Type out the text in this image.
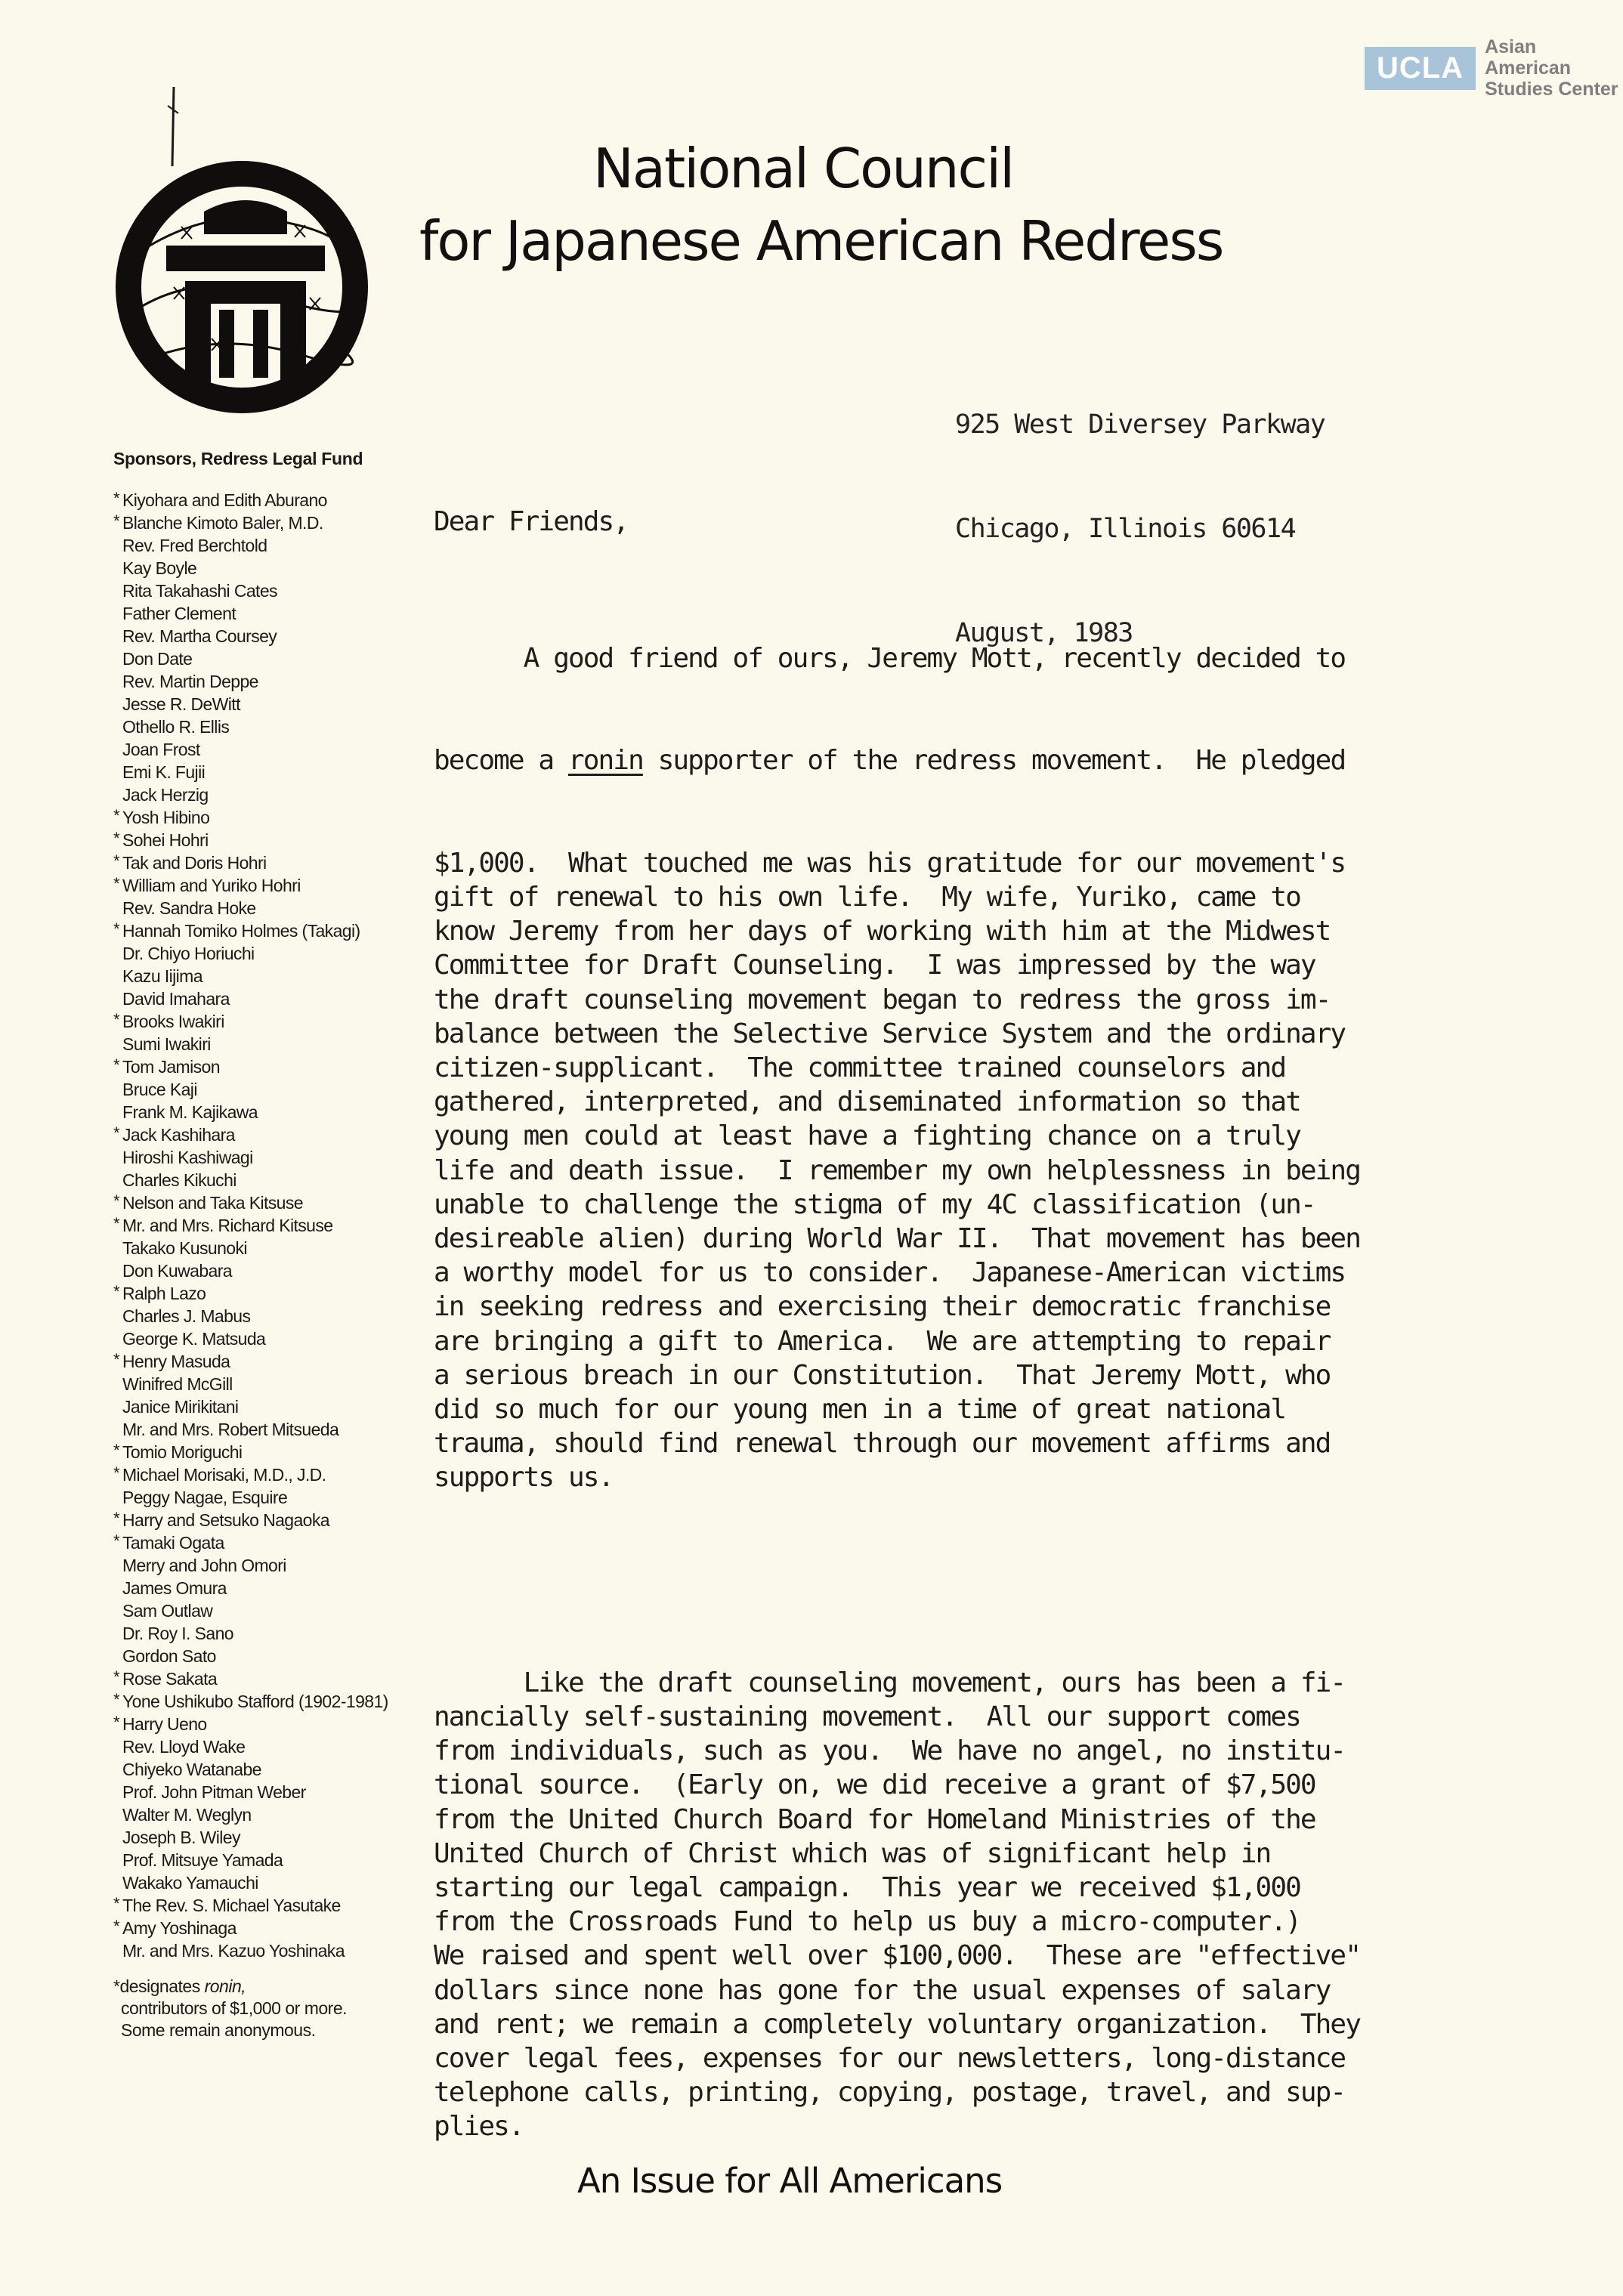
UCLA
Asian American
Studies Center
National Council
for Japanese American Redress

925 West Diversey Parkway

Chicago, Illinois 60614

August, 1983

Sponsors, Redress Legal Fund
* Kiyohara and Edith Aburano
* Blanche Kimoto Baler, M.D.
Rev. Fred Berchtold
Kay Boyle
Rita Takahashi Cates
Father Clement
Rev. Martha Coursey
Don Date
Rev. Martin Deppe
Jesse R. DeWitt
Othello R. Ellis
Joan Frost
Emi K. Fujii
Jack Herzig
* Yosh Hibino
* Sohei Hohri
* Tak and Doris Hohri
* William and Yuriko Hohri
Rev. Sandra Hoke
* Hannah Tomiko Holmes (Takagi)
Dr. Chiyo Horiuchi
Kazu Iijima
David Imahara
* Brooks Iwakiri
Sumi Iwakiri
* Tom Jamison
Bruce Kaji
Frank M. Kajikawa
* Jack Kashihara
Hiroshi Kashiwagi
Charles Kikuchi
* Nelson and Taka Kitsuse
* Mr. and Mrs. Richard Kitsuse
Takako Kusunoki
Don Kuwabara
* Ralph Lazo
Charles J. Mabus
George K. Matsuda
* Henry Masuda
Winifred McGill
Janice Mirikitani
Mr. and Mrs. Robert Mitsueda
* Tomio Moriguchi
* Michael Morisaki, M.D., J.D.
Peggy Nagae, Esquire
* Harry and Setsuko Nagaoka
* Tamaki Ogata
Merry and John Omori
James Omura
Sam Outlaw
Dr. Roy I. Sano
Gordon Sato
* Rose Sakata
* Yone Ushikubo Stafford (1902-1981)
* Harry Ueno
Rev. Lloyd Wake
Chiyeko Watanabe
Prof. John Pitman Weber
Walter M. Weglyn
Joseph B. Wiley
Prof. Mitsuye Yamada
Wakako Yamauchi
* The Rev. S. Michael Yasutake
* Amy Yoshinaga
Mr. and Mrs. Kazuo Yoshinaka
*designates ronin,
contributors of $1,000 or more.
Some remain anonymous.
Dear Friends,

A good friend of ours, Jeremy Mott, recently decided to

become a ronin supporter of the redress movement.  He pledged

$1,000.  What touched me was his gratitude for our movement's

gift of renewal to his own life.  My wife, Yuriko, came to

know Jeremy from her days of working with him at the Midwest

Committee for Draft Counseling.  I was impressed by the way

the draft counseling movement began to redress the gross im-

balance between the Selective Service System and the ordinary

citizen-supplicant.  The committee trained counselors and

gathered, interpreted, and diseminated information so that

young men could at least have a fighting chance on a truly

life and death issue.  I remember my own helplessness in being

unable to challenge the stigma of my 4C classification (un-

desireable alien) during World War II.  That movement has been

a worthy model for us to consider.  Japanese-American victims

in seeking redress and exercising their democratic franchise

are bringing a gift to America.  We are attempting to repair

a serious breach in our Constitution.  That Jeremy Mott, who

did so much for our young men in a time of great national

trauma, should find renewal through our movement affirms and

supports us.

Like the draft counseling movement, ours has been a fi-

nancially self-sustaining movement.  All our support comes

from individuals, such as you.  We have no angel, no institu-

tional source.  (Early on, we did receive a grant of $7,500

from the United Church Board for Homeland Ministries of the

United Church of Christ which was of significant help in

starting our legal campaign.  This year we received $1,000

from the Crossroads Fund to help us buy a micro-computer.)

We raised and spent well over $100,000.  These are "effective"

dollars since none has gone for the usual expenses of salary

and rent; we remain a completely voluntary organization.  They

cover legal fees, expenses for our newsletters, long-distance

telephone calls, printing, copying, postage, travel, and sup-

plies.

An Issue for All Americans
